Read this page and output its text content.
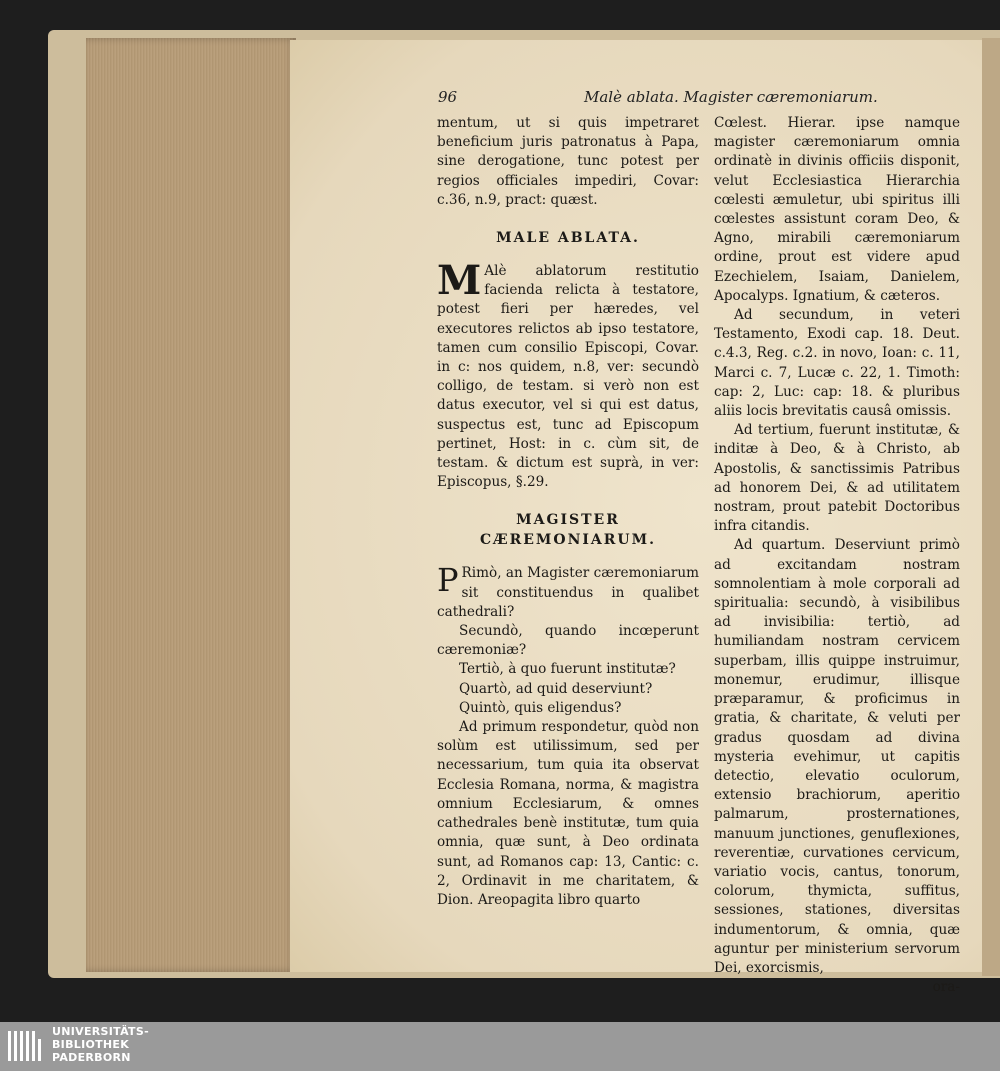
96	Malè ablata. Magister cæremoniarum.

mentum, ut si quis impetraret beneficium juris patronatus à Papa, sine derogatione, tunc potest per regios officiales impediri, Covar: c.36, n.9, pract: quæst.

MALE ABLATA.

M Alè ablatorum restitutio facienda relicta à testatore, potest fieri per hæredes, vel executores relictos ab ipso testatore, tamen cum consilio Episcopi, Covar. in c: nos quidem, n.8, ver: secundò colligo, de testam. si verò non est datus executor, vel si qui est datus, suspectus est, tunc ad Episcopum pertinet, Host: in c. cùm sit, de testam. & dictum est suprà, in ver: Episcopus, §.29.

MAGISTER CÆREMONIARUM.

P Rimò, an Magister cæremoniarum sit constituendus in qualibet cathedrali?

Secundò, quando incœperunt cæremoniæ?

Tertiò, à quo fuerunt institutæ?

Quartò, ad quid deserviunt?

Quintò, quis eligendus?

Ad primum respondetur, quòd non solùm est utilissimum, sed per necessarium, tum quia ita observat Ecclesia Romana, norma, & magistra omnium Ecclesiarum, & omnes cathedrales benè institutæ, tum quia omnia, quæ sunt, à Deo ordinata sunt, ad Romanos cap: 13, Cantic: c. 2, Ordinavit in me charitatem, & Dion. Areopagita libro quarto

Cœlest. Hierar. ipse namque magister cæremoniarum omnia ordinatè in divinis officiis disponit, velut Ecclesiastica Hierarchia cœlesti æmuletur, ubi spiritus illi cœlestes assistunt coram Deo, & Agno, mirabili cæremoniarum ordine, prout est videre apud Ezechielem, Isaiam, Danielem, Apocalyps. Ignatium, & cæteros.

Ad secundum, in veteri Testamento, Exodi cap. 18. Deut. c.4.3, Reg. c.2. in novo, Ioan: c. 11, Marci c. 7, Lucæ c. 22, 1. Timoth: cap: 2, Luc: cap: 18. & pluribus aliis locis brevitatis causâ omissis.

Ad tertium, fuerunt institutæ, & inditæ à Deo, & à Christo, ab Apostolis, & sanctissimis Patribus ad honorem Dei, & ad utilitatem nostram, prout patebit Doctoribus infra citandis.

Ad quartum. Deserviunt primò ad excitandam nostram somnolentiam à mole corporali ad spiritualia: secundò, à visibilibus ad invisibilia: tertiò, ad humiliandam nostram cervicem superbam, illis quippe instruimur, monemur, erudimur, illisque præparamur, & proficimus in gratia, & charitate, & veluti per gradus quosdam ad divina mysteria evehimur, ut capitis detectio, elevatio oculorum, extensio brachiorum, aperitio palmarum, prosternationes, manuum junctiones, genuflexiones, reverentiæ, curvationes cervicum, variatio vocis, cantus, tonorum, colorum, thymicta, suffitus, sessiones, stationes, diversitas indumentorum, & omnia, quæ aguntur per ministerium servorum Dei, exorcismis,

ora-

UNIVERSITÄTS-
BIBLIOTHEK
PADERBORN
